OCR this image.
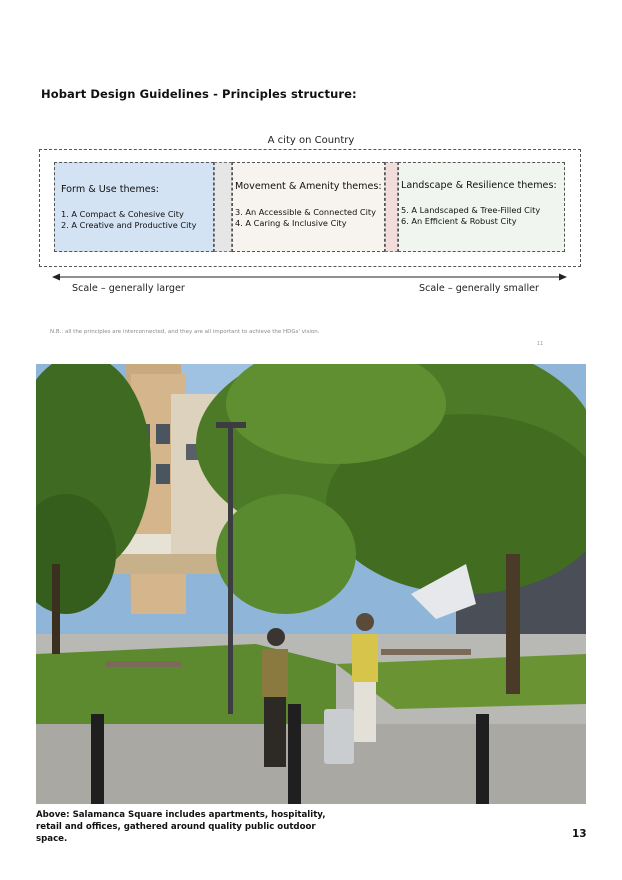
Hobart Design Guidelines - Principles structure:
A city on Country
Form & Use themes:
1. A Compact & Cohesive City
2. A Creative and Productive City
Movement & Amenity themes:
3. An Accessible & Connected City
4. A Caring & Inclusive City
Landscape & Resilience themes:
5. A Landscaped & Tree-Filled City
6. An Efficient & Robust City
Scale – generally larger	Scale – generally smaller
N.B.: all the principles are interconnected, and they are all important to achieve the HDGs' vision.
11
Above: Salamanca Square includes apartments, hospitality, retail and offices, gathered around quality public outdoor space.	13
